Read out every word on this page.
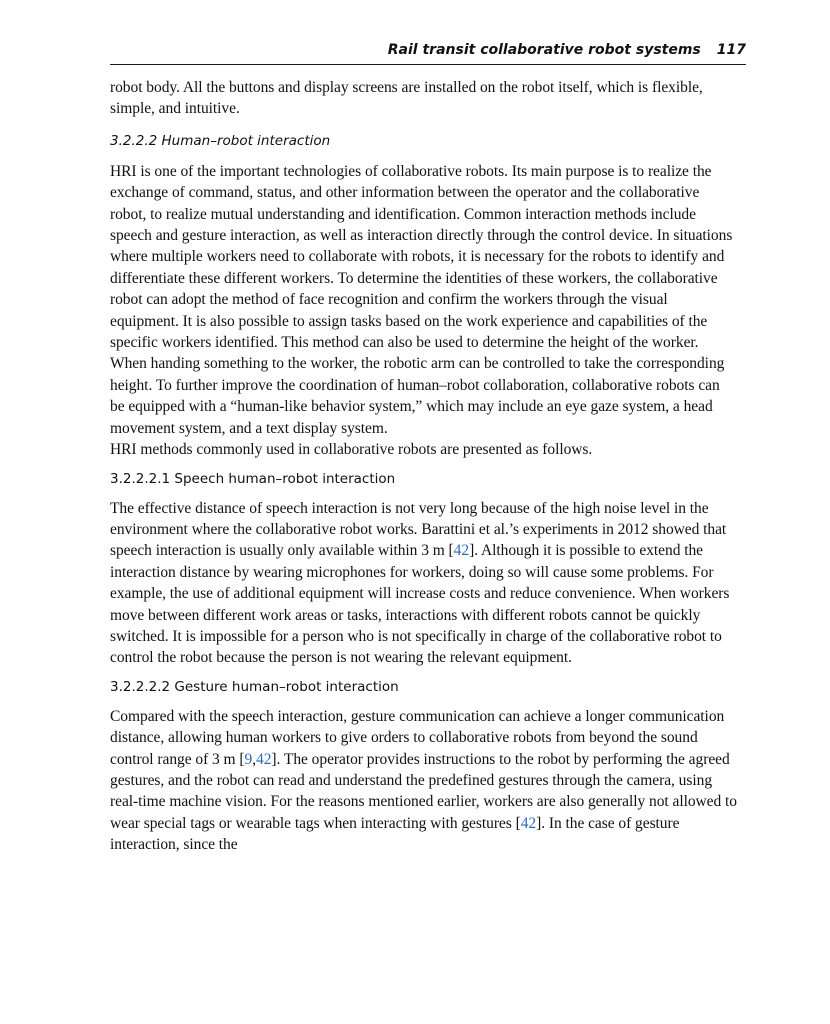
Rail transit collaborative robot systems 117

robot body. All the buttons and display screens are installed on the robot itself, which is flexible, simple, and intuitive.

3.2.2.2 Human–robot interaction

HRI is one of the important technologies of collaborative robots. Its main purpose is to realize the exchange of command, status, and other information between the operator and the collaborative robot, to realize mutual understanding and identification. Common interaction methods include speech and gesture interaction, as well as interaction directly through the control device. In situations where multiple workers need to collaborate with robots, it is necessary for the robots to identify and differentiate these different workers. To determine the identities of these workers, the collaborative robot can adopt the method of face recognition and confirm the workers through the visual equipment. It is also possible to assign tasks based on the work experience and capabilities of the specific workers identified. This method can also be used to determine the height of the worker. When handing something to the worker, the robotic arm can be controlled to take the corresponding height. To further improve the coordination of human–robot collaboration, collaborative robots can be equipped with a “human-like behavior system,” which may include an eye gaze system, a head movement system, and a text display system.

HRI methods commonly used in collaborative robots are presented as follows.

3.2.2.2.1 Speech human–robot interaction

The effective distance of speech interaction is not very long because of the high noise level in the environment where the collaborative robot works. Barattini et al.’s experiments in 2012 showed that speech interaction is usually only available within 3 m [42]. Although it is possible to extend the interaction distance by wearing microphones for workers, doing so will cause some problems. For example, the use of additional equipment will increase costs and reduce convenience. When workers move between different work areas or tasks, interactions with different robots cannot be quickly switched. It is impossible for a person who is not specifically in charge of the collaborative robot to control the robot because the person is not wearing the relevant equipment.

3.2.2.2.2 Gesture human–robot interaction

Compared with the speech interaction, gesture communication can achieve a longer communication distance, allowing human workers to give orders to collaborative robots from beyond the sound control range of 3 m [9,42]. The operator provides instructions to the robot by performing the agreed gestures, and the robot can read and understand the predefined gestures through the camera, using real-time machine vision. For the reasons mentioned earlier, workers are also generally not allowed to wear special tags or wearable tags when interacting with gestures [42]. In the case of gesture interaction, since the
